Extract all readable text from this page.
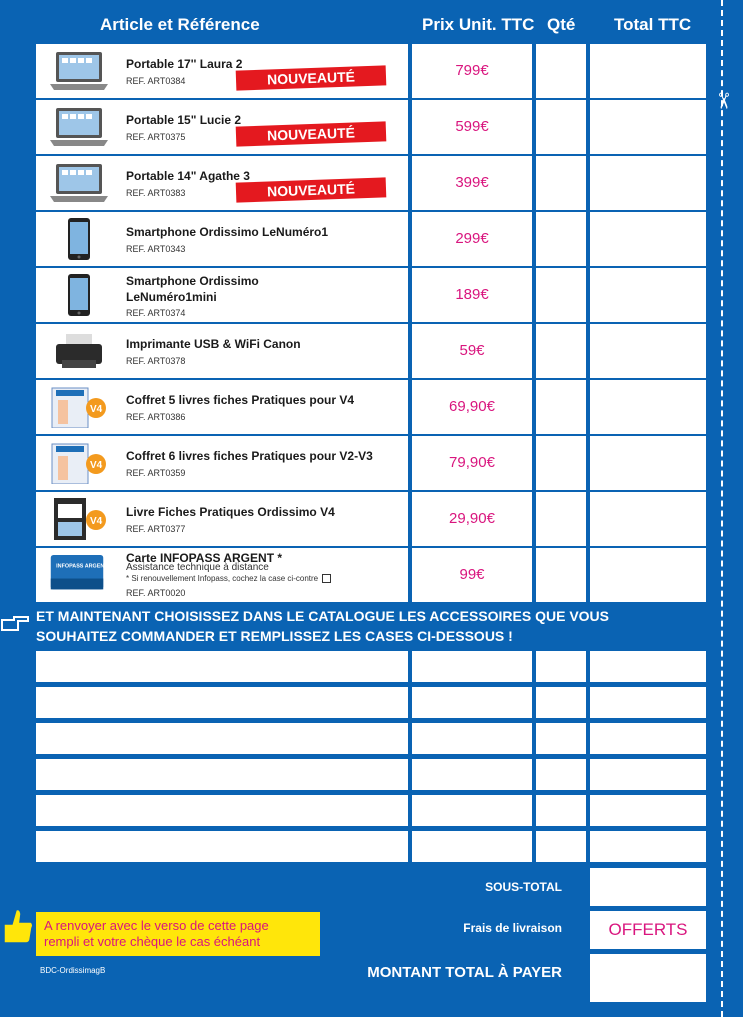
Article et Référence	Prix Unit. TTC Qté Total TTC
✂
Portable 17'' Laura 2
REF. ART0384	NOUVEAUTÉ	799€
Portable 15" Lucie 2
REF. ART0375	NOUVEAUTÉ	599€
Portable 14" Agathe 3
REF. ART0383	NOUVEAUTÉ	399€
Smartphone Ordissimo LeNuméro1
REF. ART0343
299€
Smartphone Ordissimo LeNuméro1mini
REF. ART0374
189€
Imprimante USB & WiFi Canon
REF. ART0378
59€
V4
Coffret 5 livres fiches Pratiques pour V4
REF. ART0386
69,90€
V4
Coffret 6 livres fiches Pratiques pour V2-V3
REF. ART0359
79,90€
V4
Livre Fiches Pratiques Ordissimo V4
REF. ART0377
29,90€
INFOPASS ARGENT
Carte INFOPASS ARGENT *
Assistance technique à distance
* Si renouvellement Infopass, cochez la case ci-contre
REF. ART0020
99€
ET MAINTENANT CHOISISSEZ DANS LE CATALOGUE LES ACCESSOIRES QUE VOUS
SOUHAITEZ COMMANDER ET REMPLISSEZ LES CASES CI-DESSOUS !
SOUS-TOTAL
Frais de livraison	OFFERTS
MONTANT TOTAL À PAYER
A renvoyer avec le verso de cette page
rempli et votre chèque le cas échéant
BDC-OrdissimagB
